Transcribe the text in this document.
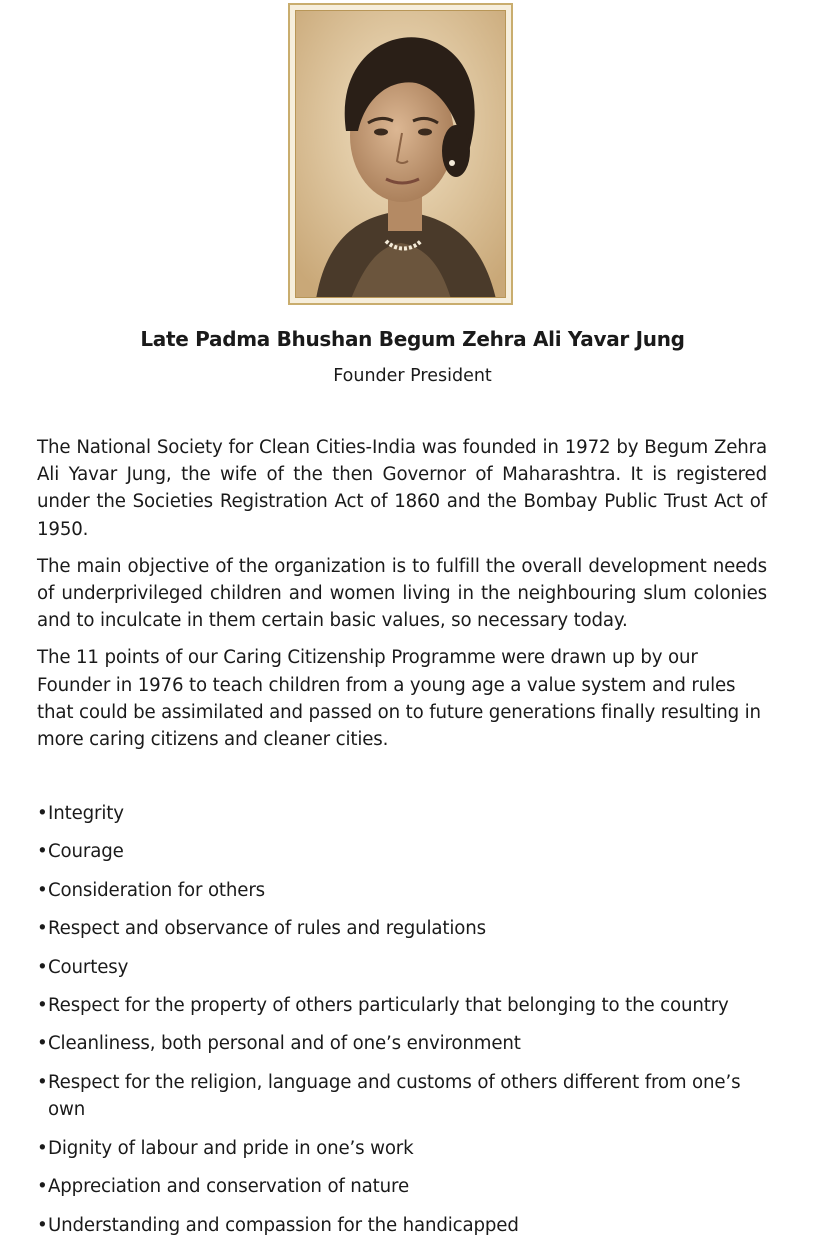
Late Padma Bhushan Begum Zehra Ali Yavar Jung
Founder President

The National Society for Clean Cities-India was founded in 1972 by Begum Zehra Ali Yavar Jung, the wife of the then Governor of Maharashtra. It is registered under the Societies Registration Act of 1860 and the Bombay Public Trust Act of 1950.

The main objective of the organization is to fulfill the overall development needs of underprivileged children and women living in the neighbouring slum colonies and to inculcate in them certain basic values, so necessary today.

The 11 points of our Caring Citizenship Programme were drawn up by our Founder in 1976 to teach children from a young age a value system and rules that could be assimilated and passed on to future generations finally resulting in more caring citizens and cleaner cities.

• Integrity
• Courage
• Consideration for others
• Respect and observance of rules and regulations
• Courtesy
• Respect for the property of others particularly that belonging to the country
• Cleanliness, both personal and of one’s environment
• Respect for the religion, language and customs of others different from one’s own
• Dignity of labour and pride in one’s work
• Appreciation and conservation of nature
• Understanding and compassion for the handicapped
